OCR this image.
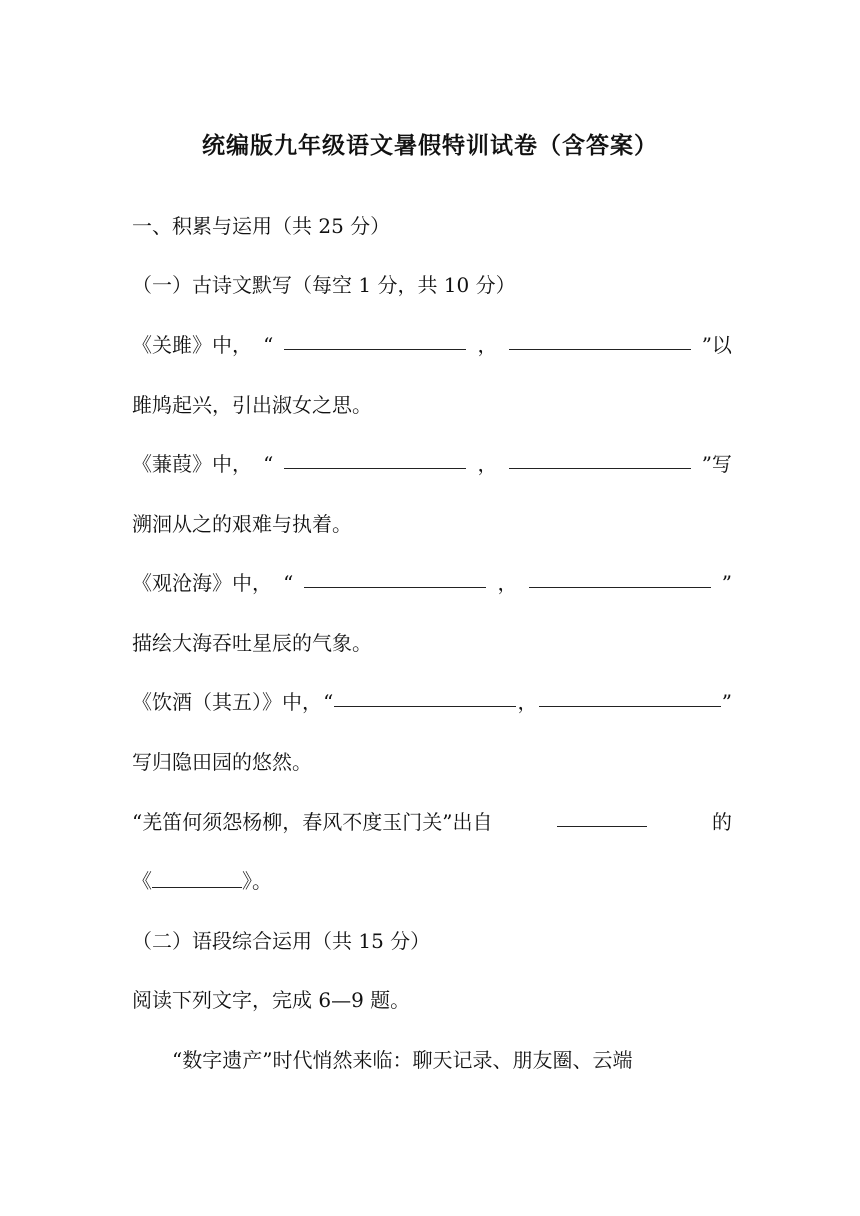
统编版九年级语文暑假特训试卷（含答案）
一、积累与运用（共 25 分）
（一）古诗文默写（每空 1 分，共 10 分）
《关雎》中， “	，	”以
雎鸠起兴，引出淑女之思。
《蒹葭》中， “	，	”写
溯洄从之的艰难与执着。
《观沧海》中， “	，	”
描绘大海吞吐星辰的气象。
《饮酒（其五）》中， “	，	”
写归隐田园的悠然。
“羌笛何须怨杨柳，春风不度玉门关”出自	的
《	》。
（二）语段综合运用（共 15 分）
阅读下列文字，完成 6—9 题。
“数字遗产”时代悄然来临：聊天记录、朋友圈、云端
